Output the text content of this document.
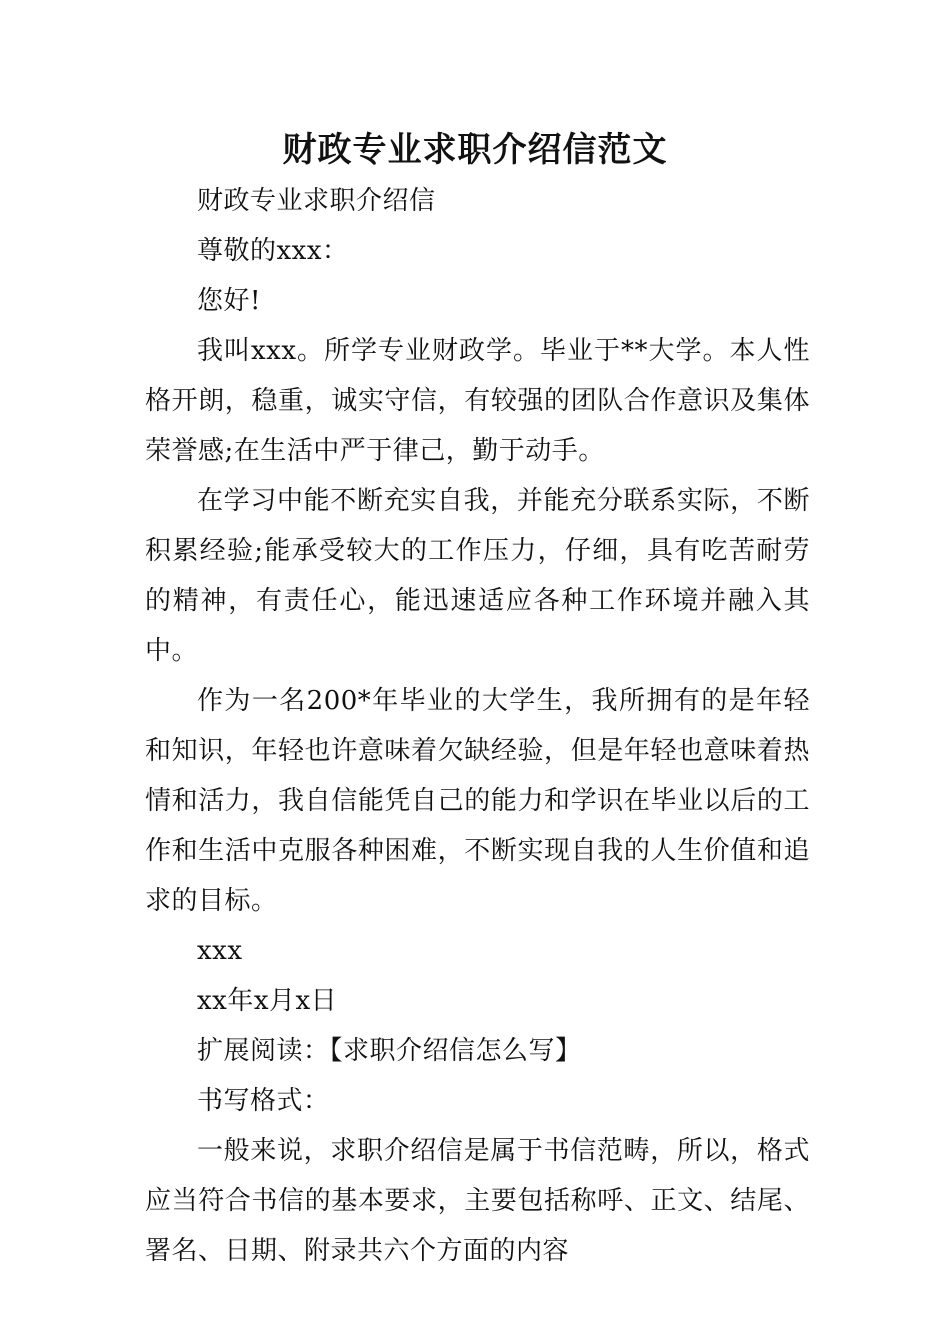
财政专业求职介绍信范文

财政专业求职介绍信

尊敬的xxx：

您好!

我叫xxx。所学专业财政学。毕业于**大学。本人性格开朗，稳重，诚实守信，有较强的团队合作意识及集体荣誉感;在生活中严于律己，勤于动手。

在学习中能不断充实自我，并能充分联系实际，不断积累经验;能承受较大的工作压力，仔细，具有吃苦耐劳的精神，有责任心，能迅速适应各种工作环境并融入其中。

作为一名200*年毕业的大学生，我所拥有的是年轻和知识，年轻也许意味着欠缺经验，但是年轻也意味着热情和活力，我自信能凭自己的能力和学识在毕业以后的工作和生活中克服各种困难，不断实现自我的人生价值和追求的目标。

xxx

xx年x月x日

扩展阅读：【求职介绍信怎么写】

书写格式：

一般来说，求职介绍信是属于书信范畴，所以，格式应当符合书信的基本要求，主要包括称呼、正文、结尾、署名、日期、附录共六个方面的内容
